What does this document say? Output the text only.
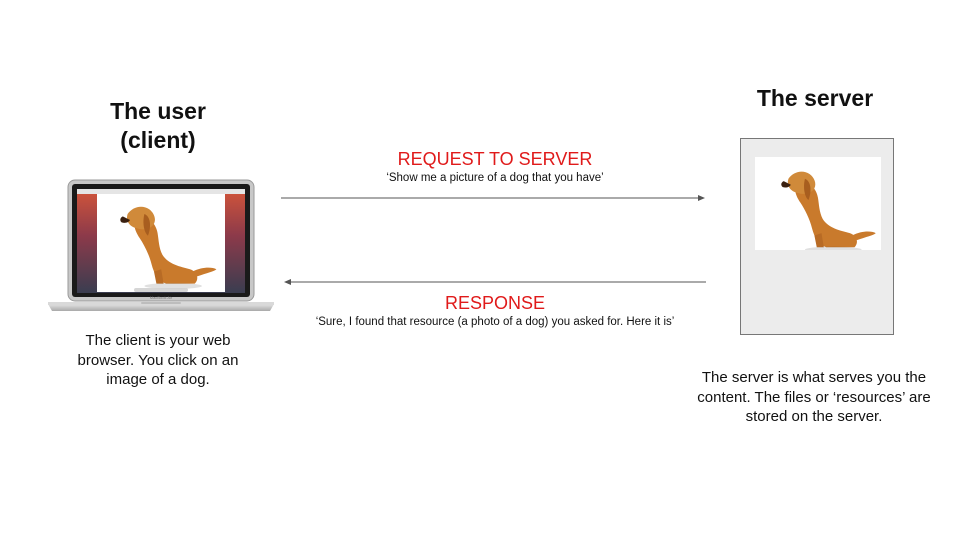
The user
(client)
The server
MacBook Air
REQUEST TO SERVER
‘Show me a picture of a dog that you have’
RESPONSE
‘Sure, I found that resource (a photo of a dog) you asked for. Here it is’
The client is your web browser. You click on an image of a dog.	The server is what serves you the content. The files or ‘resources’ are stored on the server.
